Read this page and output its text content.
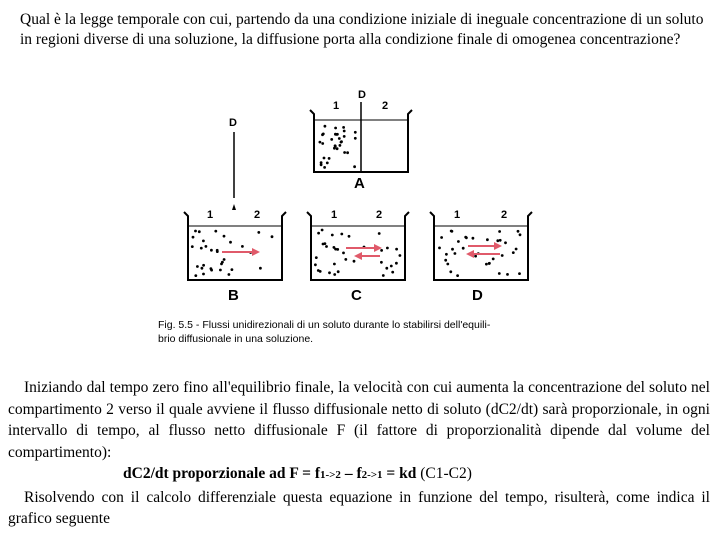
Qual è la legge temporale con cui, partendo da una condizione iniziale di ineguale concentrazione di un soluto in regioni diverse di una soluzione, la diffusione porta alla condizione finale di omogenea concentrazione?
D
1	2
A
D
1	2
B
1	2
C
1	2
D
Fig. 5.5 - Flussi unidirezionali di un soluto durante lo stabilirsi dell'equili-
brio diffusionale in una soluzione.

Iniziando dal tempo zero fino all'equilibrio finale, la velocità con cui aumenta la concentrazione del soluto nel compartimento 2 verso il quale avviene il flusso diffusionale netto di soluto (dC2/dt) sarà proporzionale, in ogni intervallo di tempo, al flusso netto diffusionale F (il fattore di proporzionalità dipende dal volume del compartimento):

dC2/dt proporzionale ad F = f1->2 – f2->1 = kd (C1-C2)

Risolvendo con il calcolo differenziale questa equazione in funzione del tempo, risulterà, come indica il grafico seguente
